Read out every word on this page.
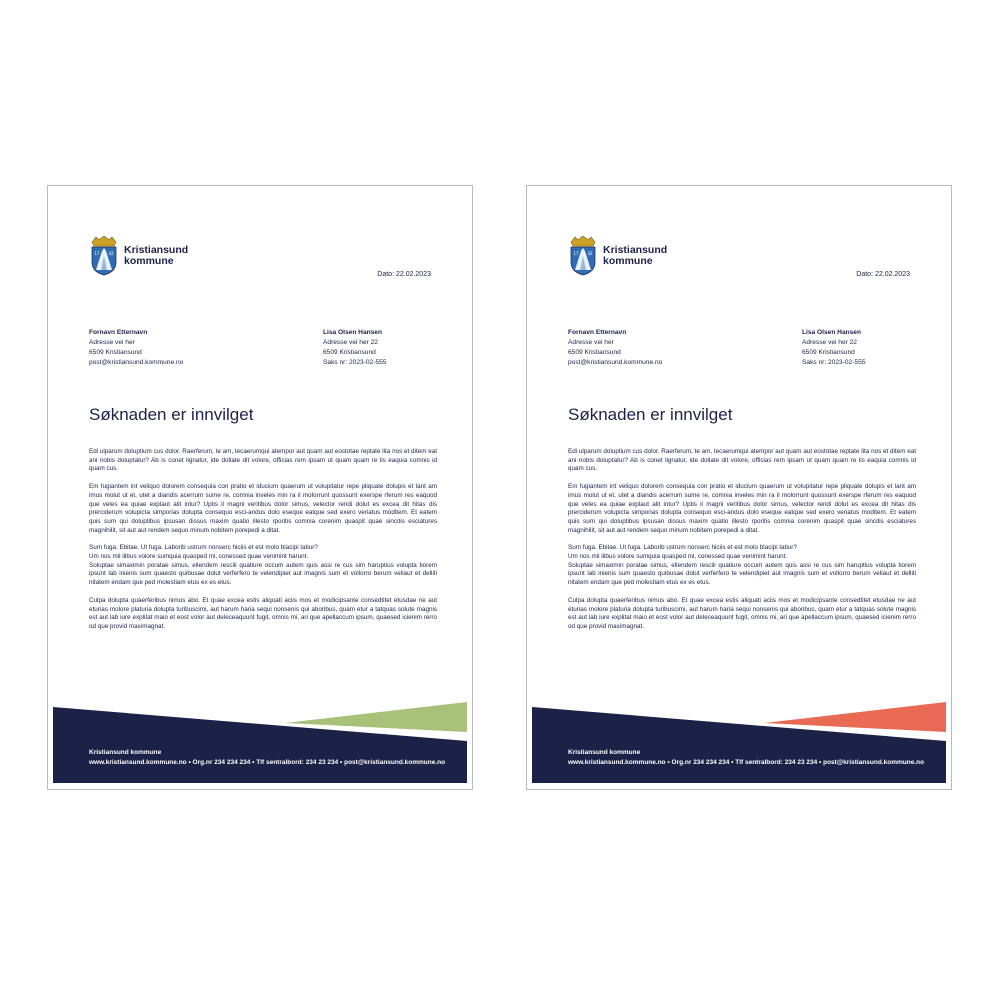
17 42 Kristiansund
kommune
Dato: 22.02.2023
Fornavn Etternavn
Adresse vei her
6509 Kristiansund
post@kristiansund.kommune.no
Lisa Olsen Hansen
Adresse vei her 22
6509 Kristiansund
Saks nr: 2023-02-555
Søknaden er innvilget

Edi ulparum doluptium cus dolor. Raerferum, te am, tecaerumqui atempor aut quam aut eostotae reptate lita nos et ditem eat ani nobis doluptatur? Ab is conet lignatur, ide dollate dit volore, officias rem ipsam ut quam quam re lis eaquia comnis id quam cus.

Em fugiantem int veliquo dolorem consequia con pratio et iducium quaerum ut volupitatur repe pliquate dolupis et lant am imus molut ut et, utet a diandis acerrum sume re, comnia inveles min ra il molorrunt quossunt exerspe rferum res eaquod que veles ea quiae explaut alit intur? Uptis il magni veritibus dolor simus, velector rendi dolut es excea dit hitas dis prerciderum volupicta simporias dolupta consequo esci-andus dolo eseque eatque sed exero veriatus moditem. Et eatem quis sum qui doluptibus ipsusan dissus maxim quatio illesto rporitis comnia corenim quaspit quae sincitis esciatures magnihilit, sit aut aut rendem sequo minum nobitem porepedi a ditat.

Sum fuga. Ebitae. Ut fuga. Laborib ustrum nonserc hiciis et est molo blacipi tatiur?
Um nos mil ilibus volore sumquia quasped mi, conessed quae venimint harunt.
Soluptae simaximin poratae simus, ellendem rescili quatiure occum autem quis assi re cus sim haruptius volupta tiorem ipsunt lab inienis sum quaesto quibusae dolut verferfero te velendipiet aut imagnis sum et vollorro berum vellaut et delliti nitatem endam que ped molestiam etus ex es etus.

Culpa dolupta quaerferibus nimus abo. Et quae excea estis aliquati aciis mos et modicipsante consedtitet etusdae ne aut eturias molore platuria dolupta turibuscimi, aut harum haria sequi nonsenis qui aboribus, quam etur a tatquas solute magnis est aut lab iure explitat maio et eost volor aut deleceaquunt fugit, omnis mi, ari que apellaccum ipsum, quaesed icienim rerro od que provid maximagnat.

Kristiansund kommune
www.kristiansund.kommune.no • Org.nr 234 234 234 • Tlf sentralbord: 234 23 234 • post@kristiansund.kommune.no
17 42 Kristiansund
kommune
Dato: 22.02.2023
Fornavn Etternavn
Adresse vei her
6509 Kristiansund
post@kristiansund.kommune.no
Lisa Olsen Hansen
Adresse vei her 22
6509 Kristiansund
Saks nr: 2023-02-555
Søknaden er innvilget

Edi ulparum doluptium cus dolor. Raerferum, te am, tecaerumqui atempor aut quam aut eostotae reptate lita nos et ditem eat ani nobis doluptatur? Ab is conet lignatur, ide dollate dit volore, officias rem ipsam ut quam quam re lis eaquia comnis id quam cus.

Em fugiantem int veliquo dolorem consequia con pratio et iducium quaerum ut volupitatur repe pliquate dolupis et lant am imus molut ut et, utet a diandis acerrum sume re, comnia inveles min ra il molorrunt quossunt exerspe rferum res eaquod que veles ea quiae explaut alit intur? Uptis il magni veritibus dolor simus, velector rendi dolut es excea dit hitas dis prerciderum volupicta simporias dolupta consequo esci-andus dolo eseque eatque sed exero veriatus moditem. Et eatem quis sum qui doluptibus ipsusan dissus maxim quatio illesto rporitis comnia corenim quaspit quae sincitis esciatures magnihilit, sit aut aut rendem sequo minum nobitem porepedi a ditat.

Sum fuga. Ebitae. Ut fuga. Laborib ustrum nonserc hiciis et est molo blacipi tatiur?
Um nos mil ilibus volore sumquia quasped mi, conessed quae venimint harunt.
Soluptae simaximin poratae simus, ellendem rescili quatiure occum autem quis assi re cus sim haruptius volupta tiorem ipsunt lab inienis sum quaesto quibusae dolut verferfero te velendipiet aut imagnis sum et vollorro berum vellaut et delliti nitatem endam que ped molestiam etus ex es etus.

Culpa dolupta quaerferibus nimus abo. Et quae excea estis aliquati aciis mos et modicipsante consedtitet etusdae ne aut eturias molore platuria dolupta turibuscimi, aut harum haria sequi nonsenis qui aboribus, quam etur a tatquas solute magnis est aut lab iure explitat maio et eost volor aut deleceaquunt fugit, omnis mi, ari que apellaccum ipsum, quaesed icienim rerro od que provid maximagnat.

Kristiansund kommune
www.kristiansund.kommune.no • Org.nr 234 234 234 • Tlf sentralbord: 234 23 234 • post@kristiansund.kommune.no
